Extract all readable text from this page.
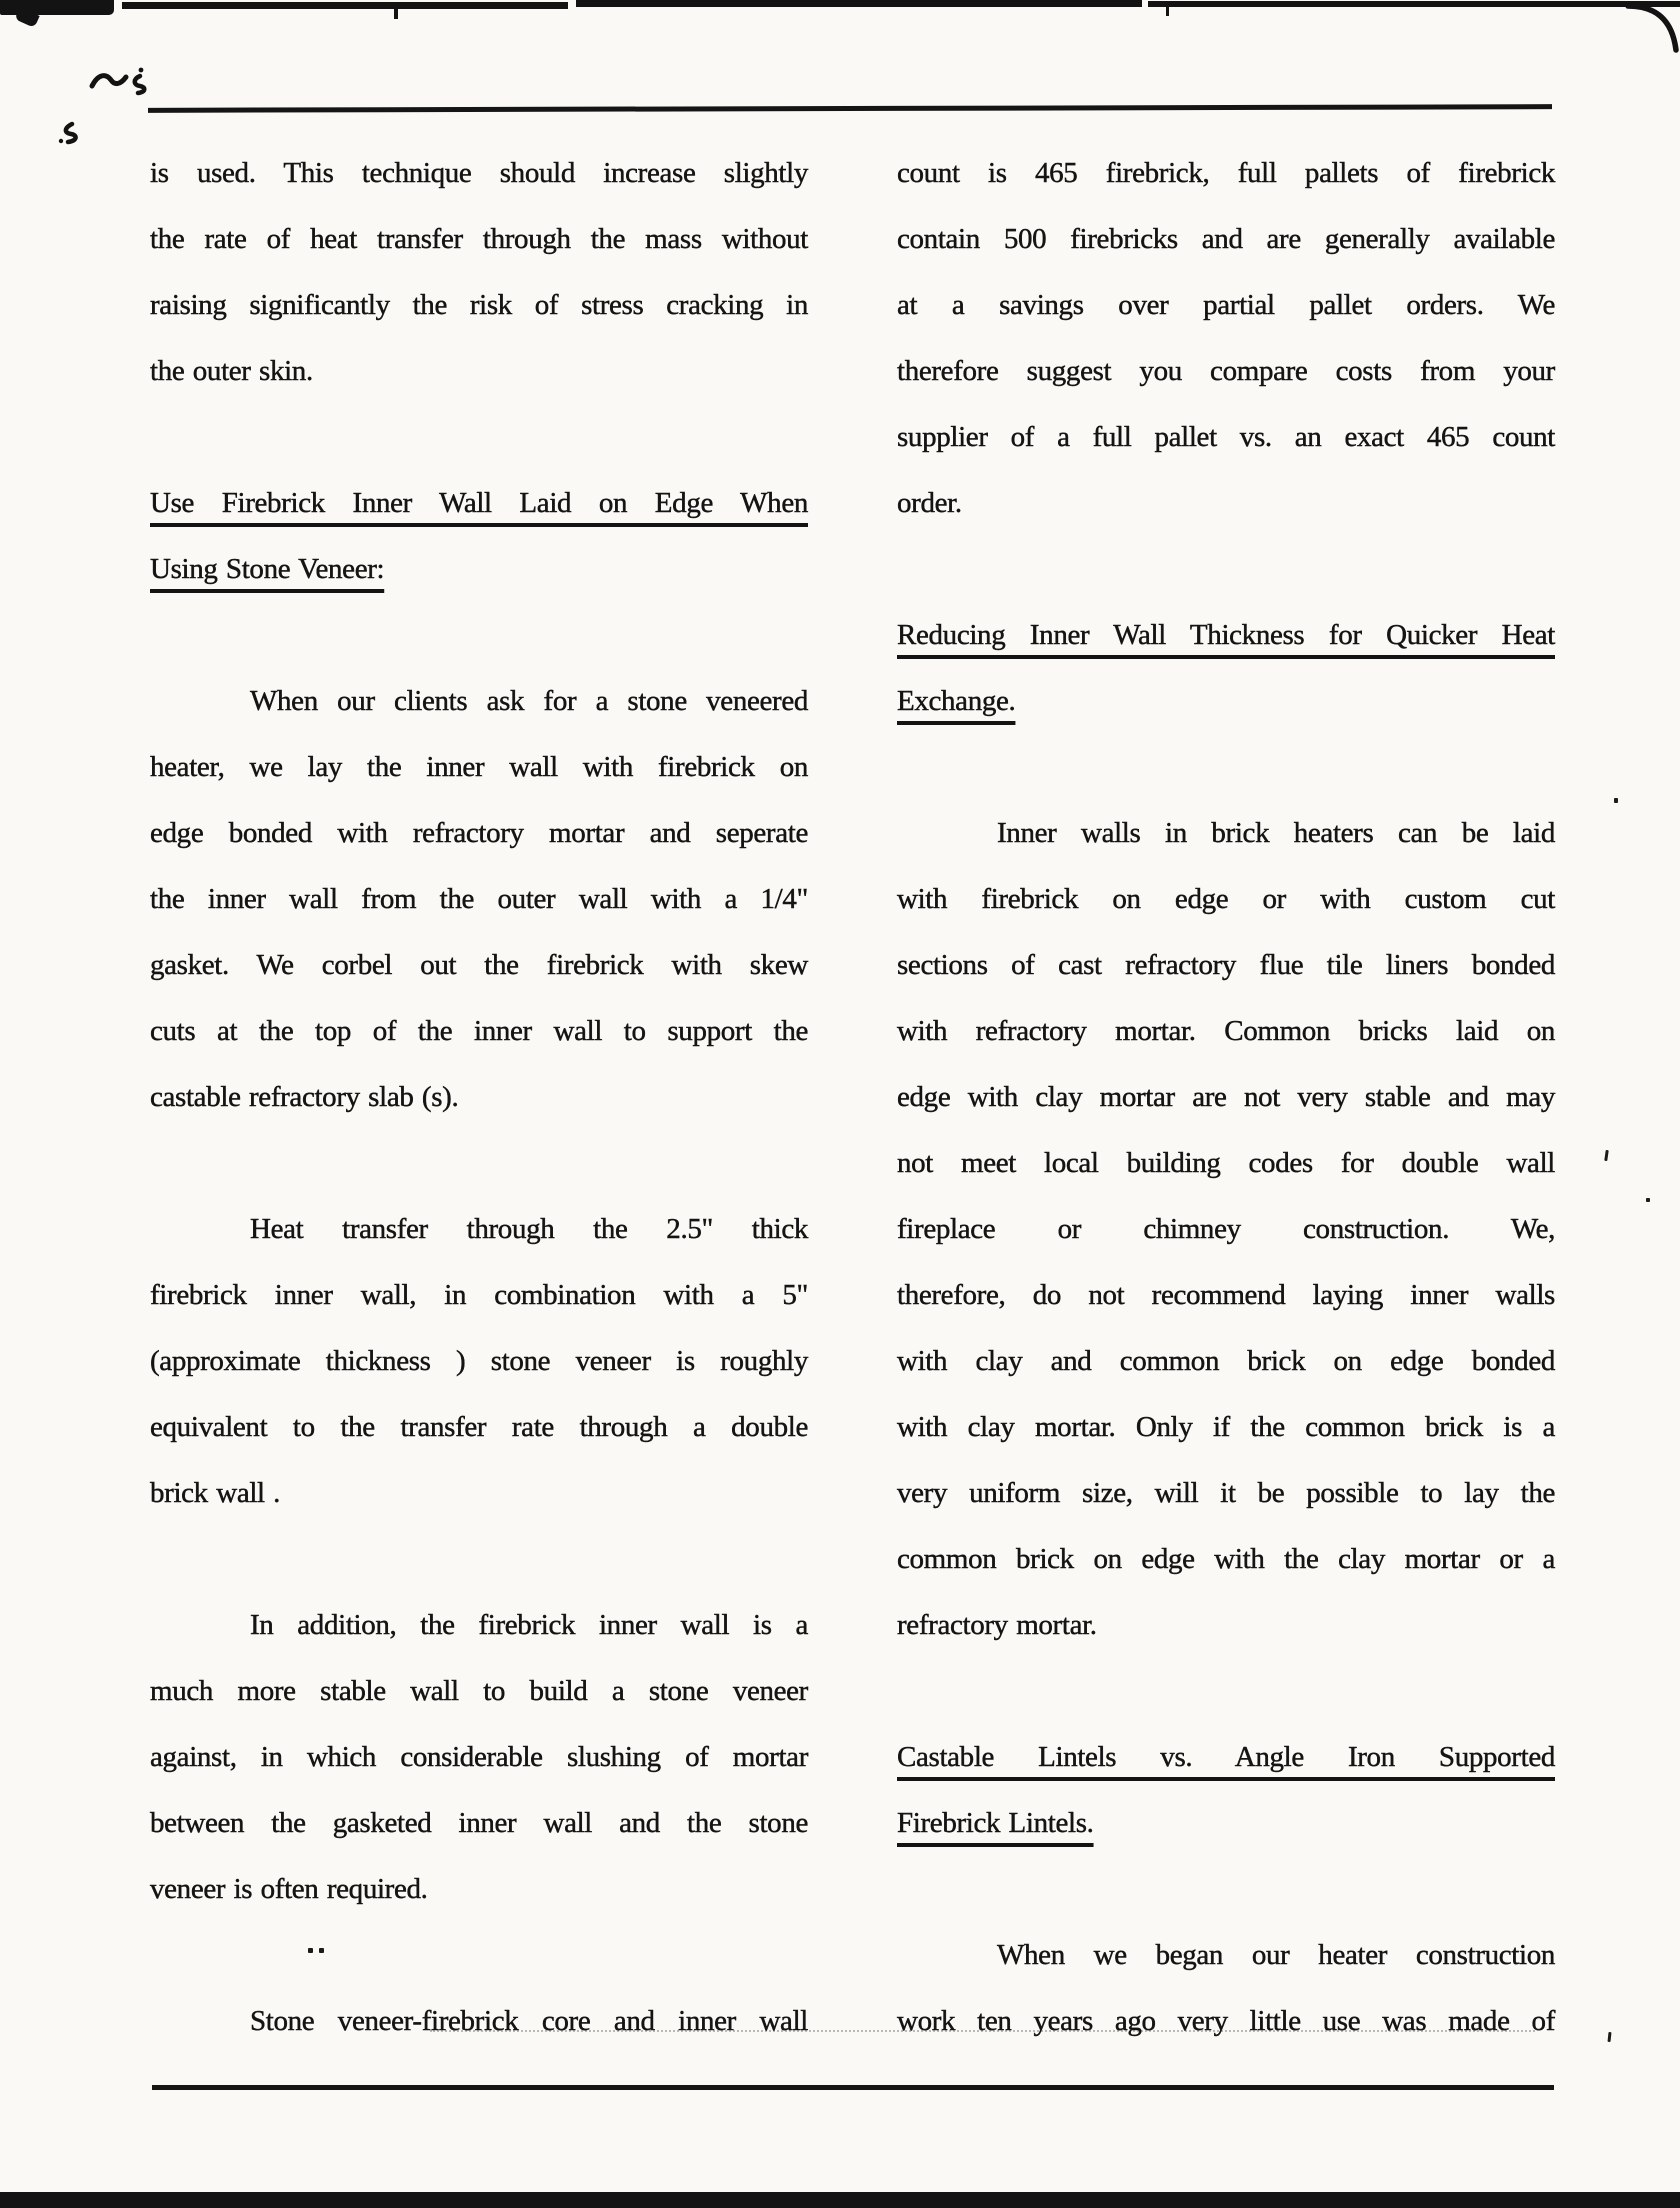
is used. This technique should increase slightly
the rate of heat transfer through the mass without
raising significantly the risk of stress cracking in
the outer skin.
Use Firebrick Inner Wall Laid on Edge When
Using Stone Veneer:
When our clients ask for a stone veneered
heater, we lay the inner wall with firebrick on
edge bonded with refractory mortar and seperate
the inner wall from the outer wall with a 1/4"
gasket. We corbel out the firebrick with skew
cuts at the top of the inner wall to support the
castable refractory slab (s).
Heat transfer through the 2.5" thick
firebrick inner wall, in combination with a 5"
(approximate thickness ) stone veneer is roughly
equivalent to the transfer rate through a double
brick wall .
In addition, the firebrick inner wall is a
much more stable wall to build a stone veneer
against, in which considerable slushing of mortar
between the gasketed inner wall and the stone
veneer is often required.
Stone veneer-firebrick core and inner wall
count is 465 firebrick, full pallets of firebrick
contain 500 firebricks and are generally available
at a savings over partial pallet orders. We
therefore suggest you compare costs from your
supplier of a full pallet vs. an exact 465 count
order.
Reducing Inner Wall Thickness for Quicker Heat
Exchange.
Inner walls in brick heaters can be laid
with firebrick on edge or with custom cut
sections of cast refractory flue tile liners bonded
with refractory mortar. Common bricks laid on
edge with clay mortar are not very stable and may
not meet local building codes for double wall
fireplace or chimney construction. We,
therefore, do not recommend laying inner walls
with clay and common brick on edge bonded
with clay mortar. Only if the common brick is a
very uniform size, will it be possible to lay the
common brick on edge with the clay mortar or a
refractory mortar.
Castable Lintels vs. Angle Iron Supported
Firebrick Lintels.
When we began our heater construction
work ten years ago very little use was made of
